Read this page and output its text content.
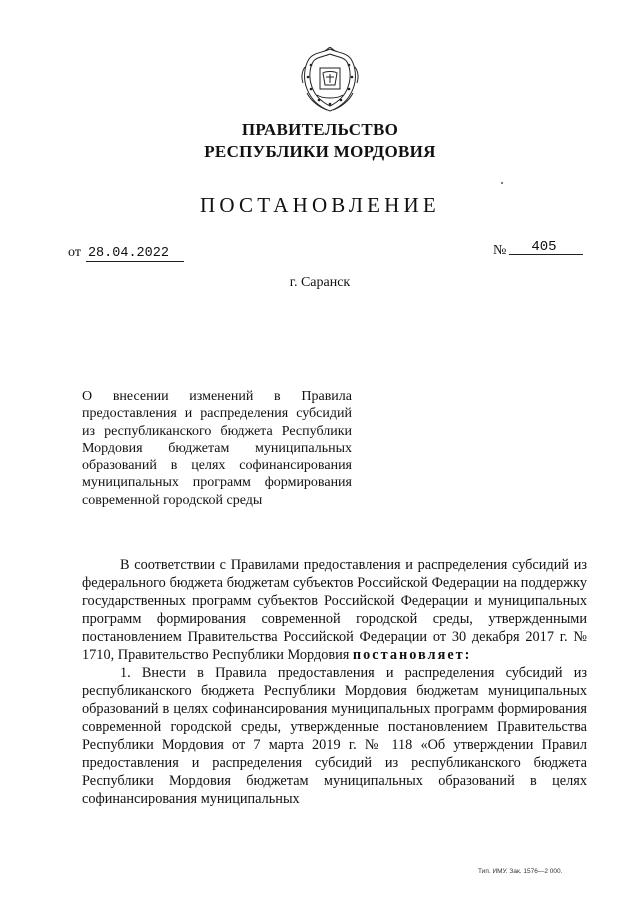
ПРАВИТЕЛЬСТВО
РЕСПУБЛИКИ МОРДОВИЯ
ПОСТАНОВЛЕНИЕ
от 28.04.2022	№ 405
г. Саранск
О внесении изменений в Правила предоставления и распределения субсидий из республиканского бюджета Республики Мордовия бюджетам муниципальных образований в целях софинансирования муниципальных программ формирования современной городской среды

В соответствии с Правилами предоставления и распределения субсидий из федерального бюджета бюджетам субъектов Российской Федерации на поддержку государственных программ субъектов Российской Федерации и муниципальных программ формирования современной городской среды, утвержденными постановлением Правительства Российской Федерации от 30 декабря 2017 г. № 1710, Правительство Республики Мордовия постановляет:

1. Внести в Правила предоставления и распределения субсидий из республиканского бюджета Республики Мордовия бюджетам муниципальных образований в целях софинансирования муниципальных программ формирования современной городской среды, утвержденные постановлением Правительства Республики Мордовия от 7 марта 2019 г. № 118 «Об утверждении Правил предоставления и распределения субсидий из республиканского бюджета Республики Мордовия бюджетам муниципальных образований в целях софинансирования муниципальных

Тип. ИМУ. Зак. 1576—2 000.
